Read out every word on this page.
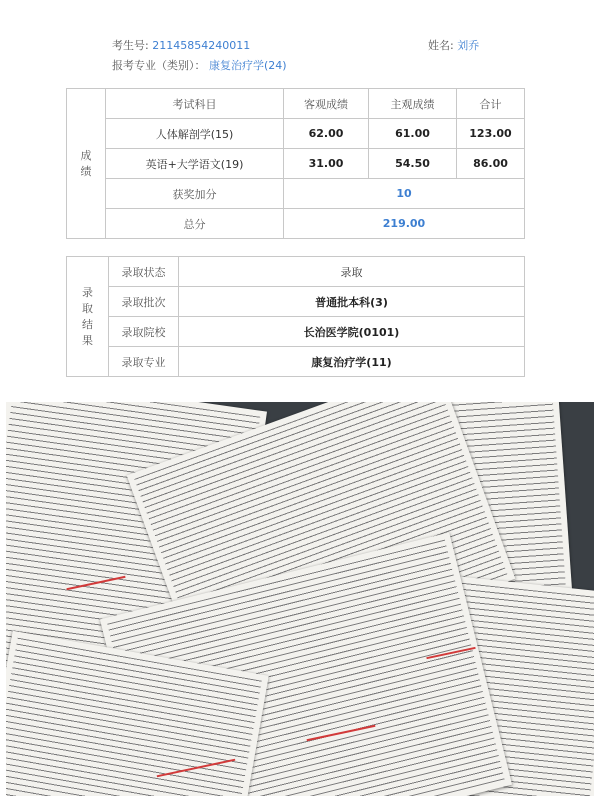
考生号: 21145854240011	姓名: 刘乔
报考专业（类别）： 康复治疗学(24)
成
绩	考试科目	客观成绩	主观成绩	合计
	人体解剖学(15)	62.00	61.00	123.00
	英语+大学语文(19)	31.00	54.50	86.00
	获奖加分	10		
	总分	219.00		
录
取
结
果	录取状态	录取
	录取批次	普通批本科(3)
	录取院校	长治医学院(0101)
	录取专业	康复治疗学(11)
